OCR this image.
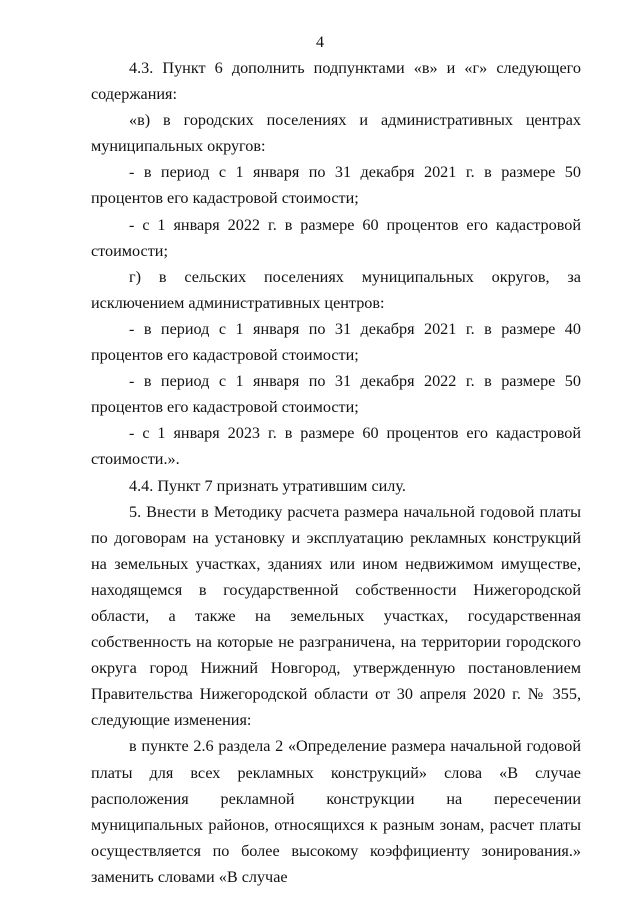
4

4.3. Пункт 6 дополнить подпунктами «в» и «г» следующего содержания:

«в) в городских поселениях и административных центрах муниципальных округов:

- в период с 1 января по 31 декабря 2021 г. в размере 50 процентов его кадастровой стоимости;

- с 1 января 2022 г. в размере 60 процентов его кадастровой стоимости;

г) в сельских поселениях муниципальных округов, за исключением административных центров:

- в период с 1 января по 31 декабря 2021 г. в размере 40 процентов его кадастровой стоимости;

- в период с 1 января по 31 декабря 2022 г. в размере 50 процентов его кадастровой стоимости;

- с 1 января 2023 г. в размере 60 процентов его кадастровой стоимости.».

4.4. Пункт 7 признать утратившим силу.

5. Внести в Методику расчета размера начальной годовой платы по договорам на установку и эксплуатацию рекламных конструкций на земельных участках, зданиях или ином недвижимом имуществе, находящемся в государственной собственности Нижегородской области, а также на земельных участках, государственная собственность на которые не разграничена, на территории городского округа город Нижний Новгород, утвержденную постановлением Правительства Нижегородской области от 30 апреля 2020 г. № 355, следующие изменения:

в пункте 2.6 раздела 2 «Определение размера начальной годовой платы для всех рекламных конструкций» слова «В случае расположения рекламной конструкции на пересечении муниципальных районов, относящихся к разным зонам, расчет платы осуществляется по более высокому коэффициенту зонирования.» заменить словами «В случае
